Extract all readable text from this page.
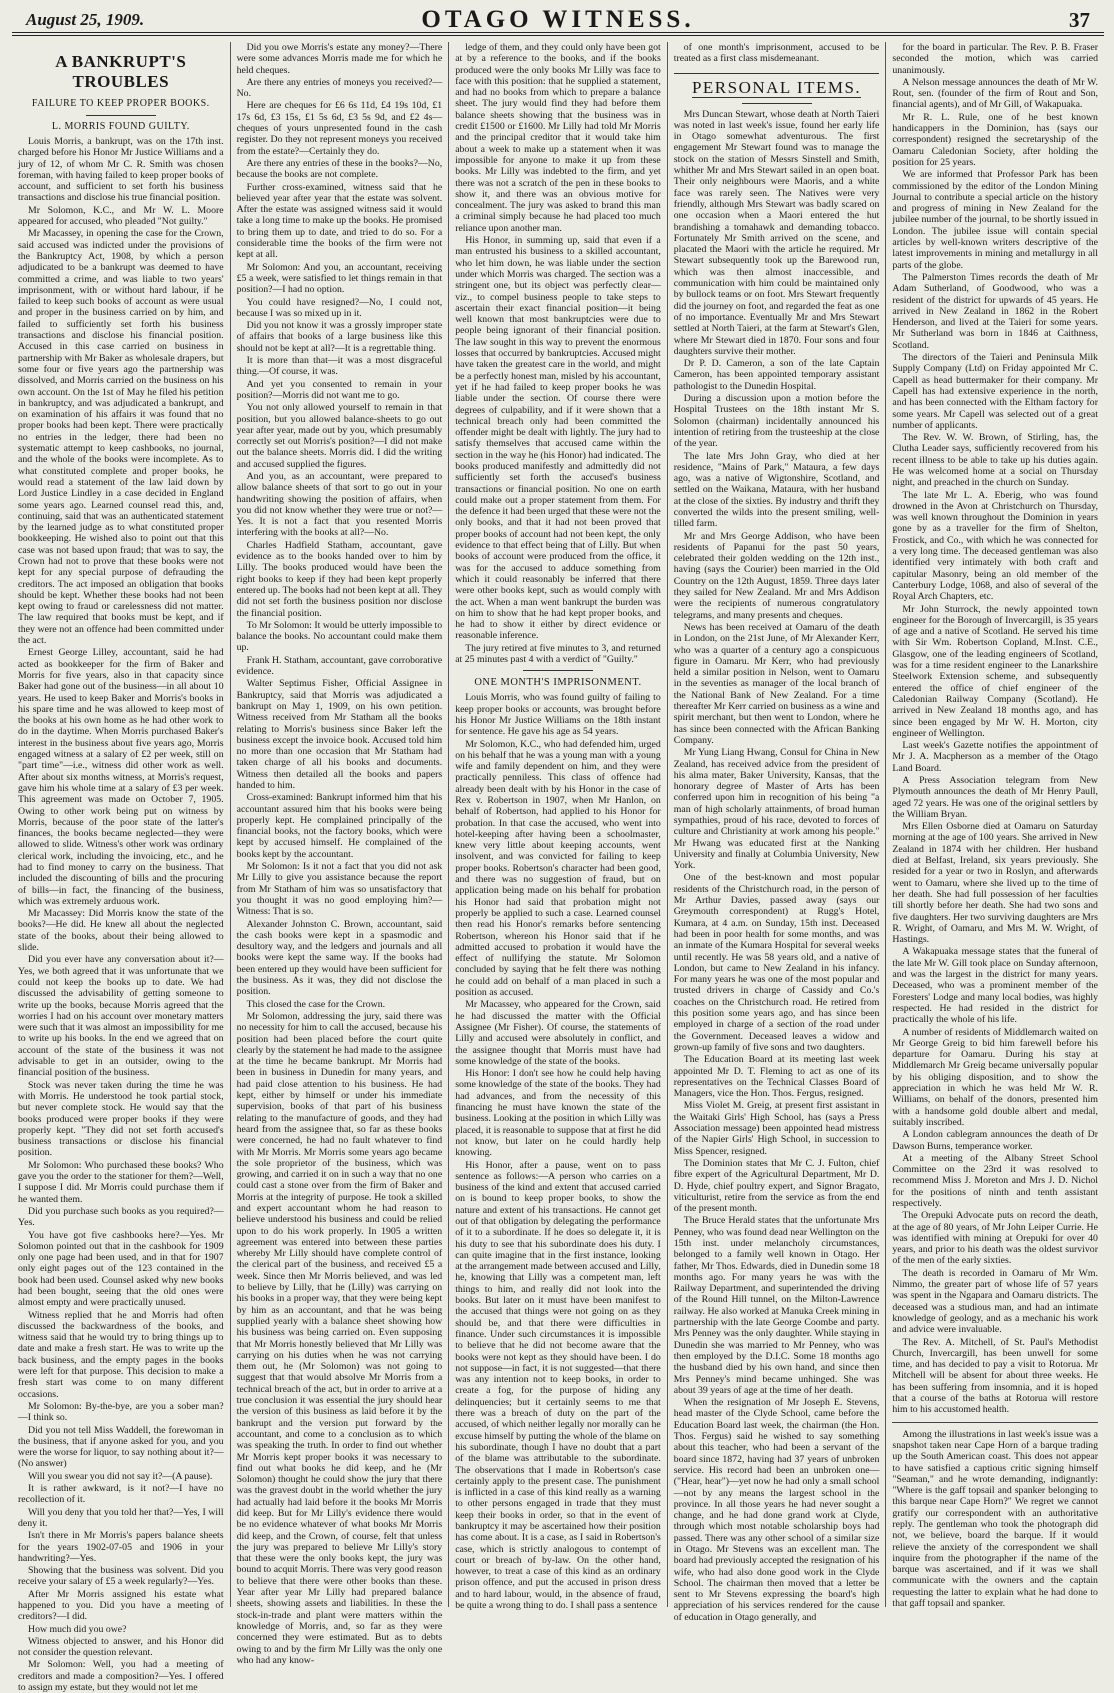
August 25, 1909.	OTAGO WITNESS.	37
A BANKRUPT'S TROUBLES
FAILURE TO KEEP PROPER BOOKS.
L. MORRIS FOUND GUILTY.

Louis Morris, a bankrupt, was on the 17th inst. charged before his Honor Mr Justice Williams and a jury of 12, of whom Mr C. R. Smith was chosen foreman, with having failed to keep proper books of account, and sufficient to set forth his business transactions and disclose his true financial position.

Mr Solomon, K.C., and Mr W. L. Moore appeared for accused, who pleaded "Not guilty."

Mr Macassey, in opening the case for the Crown, said accused was indicted under the provisions of the Bankruptcy Act, 1908, by which a person adjudicated to be a bankrupt was deemed to have committed a crime, and was liable to two years' imprisonment, with or without hard labour, if he failed to keep such books of account as were usual and proper in the business carried on by him, and failed to sufficiently set forth his business transactions and disclose his financial position. Accused in this case carried on business in partnership with Mr Baker as wholesale drapers, but some four or five years ago the partnership was dissolved, and Morris carried on the business on his own account. On the 1st of May he filed his petition in bankruptcy, and was adjudicated a bankrupt, and on examination of his affairs it was found that no proper books had been kept. There were practically no entries in the ledger, there had been no systematic attempt to keep cashbooks, no journal, and the whole of the books were incomplete. As to what constituted complete and proper books, he would read a statement of the law laid down by Lord Justice Lindley in a case decided in England some years ago. Learned counsel read this, and, continuing, said that was an authenticated statement by the learned judge as to what constituted proper bookkeeping. He wished also to point out that this case was not based upon fraud; that was to say, the Crown had not to prove that these books were not kept for any special purpose of defrauding the creditors. The act imposed an obligation that books should be kept. Whether these books had not been kept owing to fraud or carelessness did not matter. The law required that books must be kept, and if they were not an offence had been committed under the act.

Ernest George Lilley, accountant, said he had acted as bookkeeper for the firm of Baker and Morris for five years, also in that capacity since Baker had gone out of the business—in all about 10 years. He used to keep Baker and Morris's books in his spare time and he was allowed to keep most of the books at his own home as he had other work to do in the daytime. When Morris purchased Baker's interest in the business about five years ago, Morris engaged witness at a salary of £2 per week, still on "part time"—i.e., witness did other work as well. After about six months witness, at Morris's request, gave him his whole time at a salary of £3 per week. This agreement was made on October 7, 1905. Owing to other work being put on witness by Morris, because of the poor state of the latter's finances, the books became neglected—they were allowed to slide. Witness's other work was ordinary clerical work, including the invoicing, etc., and he had to find money to carry on the business. That included the discounting of bills and the procuring of bills—in fact, the financing of the business, which was extremely arduous work.

Mr Macassey: Did Morris know the state of the books?—He did. He knew all about the neglected state of the books, about their being allowed to slide.

Did you ever have any conversation about it?—Yes, we both agreed that it was unfortunate that we could not keep the books up to date. We had discussed the advisability of getting someone to write up the books, because Morris agreed that the worries I had on his account over monetary matters were such that it was almost an impossibility for me to write up his books. In the end we agreed that on account of the state of the business it was not advisable to get in an outsider, owing to the financial position of the business.

Stock was never taken during the time he was with Morris. He understood he took partial stock, but never complete stock. He would say that the books produced were proper books if they were properly kept. "They did not set forth accused's business transactions or disclose his financial position.

Mr Solomon: Who purchased these books? Who gave you the order to the stationer for them?—Well, I suppose I did. Mr Morris could purchase them if he wanted them.

Did you purchase such books as you required?—Yes.

You have got five cashbooks here?—Yes. Mr Solomon pointed out that in the cashbook for 1909 only one page had been used, and in that for 1907 only eight pages out of the 123 contained in the book had been used. Counsel asked why new books had been bought, seeing that the old ones were almost empty and were practically unused.

Witness replied that he and Morris had often discussed the backwardness of the books, and witness said that he would try to bring things up to date and make a fresh start. He was to write up the back business, and the empty pages in the books were left for that purpose. This decision to make a fresh start was come to on many different occasions.

Mr Solomon: By-the-bye, are you a sober man?—I think so.

Did you not tell Miss Waddell, the forewoman in the business, that if anyone asked for you, and you were the worse for liquor, to say nothing about it?—(No answer)

Will you swear you did not say it?—(A pause).

It is rather awkward, is it not?—I have no recollection of it.

Will you deny that you told her that?—Yes, I will deny it.

Isn't there in Mr Morris's papers balance sheets for the years 1902-07-05 and 1906 in your handwriting?—Yes.

Showing that the business was solvent. Did you receive your salary of £5 a week regularly?—Yes.

After Mr Morris assigned his estate what happened to you. Did you have a meeting of creditors?—I did.

How much did you owe?

Witness objected to answer, and his Honor did not consider the question relevant.

Mr Solomon: Well, you had a meeting of creditors and made a composition?—Yes. I offered to assign my estate, but they would not let me

Did you owe Morris's estate any money?—There were some advances Morris made me for which he held cheques.

Are there any entries of moneys you received?—No.

Here are cheques for £6 6s 11d, £4 19s 10d, £1 17s 6d, £3 15s, £1 5s 6d, £3 5s 9d, and £2 4s—cheques of yours unpresented found in the cash register. Do they not represent moneys you received from the estate?—Certainly they do.

Are there any entries of these in the books?—No, because the books are not complete.

Further cross-examined, witness said that he believed year after year that the estate was solvent. After the estate was assigned witness said it would take a long time to make up the books. He promised to bring them up to date, and tried to do so. For a considerable time the books of the firm were not kept at all.

Mr Solomon: And you, an accountant, receiving £5 a week, were satisfied to let things remain in that position?—I had no option.

You could have resigned?—No, I could not, because I was so mixed up in it.

Did you not know it was a grossly improper state of affairs that books of a large business like this should not be kept at all?—It is a regrettable thing.

It is more than that—it was a most disgraceful thing.—Of course, it was.

And yet you consented to remain in your position?—Morris did not want me to go.

You not only allowed yourself to remain in that position, but you allowed balance-sheets to go out year after year, made out by you, which presumably correctly set out Morris's position?—I did not make out the balance sheets. Morris did. I did the writing and accused supplied the figures.

And you, as an accountant, were prepared to allow balance sheets of that sort to go out in your handwriting showing the position of affairs, when you did not know whether they were true or not?—Yes. It is not a fact that you resented Morris interfering with the books at all?—No.

Charles Hadfield Statham, accountant, gave evidence as to the books handed over to him by Lilly. The books produced would have been the right books to keep if they had been kept properly entered up. The books had not been kept at all. They did not set forth the business position nor disclose the financial position.

To Mr Solomon: It would be utterly impossible to balance the books. No accountant could make them up.

Frank H. Statham, accountant, gave corroborative evidence.

Walter Septimus Fisher, Official Assignee in Bankruptcy, said that Morris was adjudicated a bankrupt on May 1, 1909, on his own petition. Witness received from Mr Statham all the books relating to Morris's business since Baker left the business except the invoice book. Accused told him no more than one occasion that Mr Statham had taken charge of all his books and documents. Witness then detailed all the books and papers handed to him.

Cross-examined: Bankrupt informed him that his accountant assured him that his books were being properly kept. He complained principally of the financial books, not the factory books, which were kept by accused himself. He complained of the books kept by the accountant.

Mr Solomon: Is it not a fact that you did not ask Mr Lilly to give you assistance because the report from Mr Statham of him was so unsatisfactory that you thought it was no good employing him?—Witness: That is so.

Alexander Johnston C. Brown, accountant, said the cash books were kept in a spasmodic and desultory way, and the ledgers and journals and all books were kept the same way. If the books had been entered up they would have been sufficient for the business. As it was, they did not disclose the position.

This closed the case for the Crown.

Mr Solomon, addressing the jury, said there was no necessity for him to call the accused, because his position had been placed before the court quite clearly by the statement he had made to the assignee at the time he became bankrupt. Mr Morris had been in business in Dunedin for many years, and had paid close attention to his business. He had kept, either by himself or under his immediate supervision, books of that part of his business relating to the manufacture of goods, and they had heard from the assignee that, so far as these books were concerned, he had no fault whatever to find with Mr Morris. Mr Morris some years ago became the sole proprietor of the business, which was growing, and carried it on in such a way that no one could cast a stone over from the firm of Baker and Morris at the integrity of purpose. He took a skilled and expert accountant whom he had reason to believe understood his business and could be relied upon to do his work properly. In 1905 a written agreement was entered into between these parties whereby Mr Lilly should have complete control of the clerical part of the business, and received £5 a week. Since then Mr Morris believed, and was led to believe by Lilly, that he (Lilly) was carrying on his books in a proper way, that they were being kept by him as an accountant, and that he was being supplied yearly with a balance sheet showing how his business was being carried on. Even supposing that Mr Morris honestly believed that Mr Lilly was carrying on his duties when he was not carrying them out, he (Mr Solomon) was not going to suggest that that would absolve Mr Morris from a technical breach of the act, but in order to arrive at a true conclusion it was essential the jury should hear the version of this business as laid before it by the bankrupt and the version put forward by the accountant, and come to a conclusion as to which was speaking the truth. In order to find out whether Mr Morris kept proper books it was necessary to find out what books he did keep, and he (Mr Solomon) thought he could show the jury that there was the gravest doubt in the world whether the jury had actually had laid before it the books Mr Morris did keep. But for Mr Lilly's evidence there would be no evidence whatever of what books Mr Morris did keep, and the Crown, of course, felt that unless the jury was prepared to believe Mr Lilly's story that these were the only books kept, the jury was bound to acquit Morris. There was very good reason to believe that there were other books than these. Year after year Mr Lilly had prepared balance sheets, showing assets and liabilities. In these the stock-in-trade and plant were matters within the knowledge of Morris, and, so far as they were concerned they were estimated. But as to debts owing to and by the firm Mr Lilly was the only one who had any know-

ledge of them, and they could only have been got at by a reference to the books, and if the books produced were the only books Mr Lilly was face to face with this position: that he supplied a statement, and had no books from which to prepare a balance sheet. The jury would find they had before them balance sheets showing that the business was in credit £1500 or £1600. Mr Lilly had told Mr Morris and the principal creditor that it would take him about a week to make up a statement when it was impossible for anyone to make it up from these books. Mr Lilly was indebted to the firm, and yet there was not a scratch of the pen in these books to show it, and there was an obvious motive for concealment. The jury was asked to brand this man a criminal simply because he had placed too much reliance upon another man.

His Honor, in summing up, said that even if a man entrusted his business to a skilled accountant, who let him down, he was liable under the section under which Morris was charged. The section was a stringent one, but its object was perfectly clear—viz., to compel business people to take steps to ascertain their exact financial position—it being well known that most bankruptcies were due to people being ignorant of their financial position. The law sought in this way to prevent the enormous losses that occurred by bankruptcies. Accused might have taken the greatest care in the world, and might be a perfectly honest man, misled by his accountant, yet if he had failed to keep proper books he was liable under the section. Of course there were degrees of culpability, and if it were shown that a technical breach only had been committed the offender might be dealt with lightly. The jury had to satisfy themselves that accused came within the section in the way he (his Honor) had indicated. The books produced manifestly and admittedly did not sufficiently set forth the accused's business transactions or financial position. No one on earth could make out a proper statement from them. For the defence it had been urged that these were not the only books, and that it had not been proved that proper books of account had not been kept, the only evidence to that effect being that of Lilly. But when books of account were produced from the office, it was for the accused to adduce something from which it could reasonably be inferred that there were other books kept, such as would comply with the act. When a man went bankrupt the burden was on him to show that he had kept proper books, and he had to show it either by direct evidence or reasonable inference.

The jury retired at five minutes to 3, and returned at 25 minutes past 4 with a verdict of "Guilty."

ONE MONTH'S IMPRISONMENT.

Louis Morris, who was found guilty of failing to keep proper books or accounts, was brought before his Honor Mr Justice Williams on the 18th instant for sentence. He gave his age as 54 years.

Mr Solomon, K.C., who had defended him, urged on his behalf that he was a young man with a young wife and family dependent on him, and they were practically penniless. This class of offence had already been dealt with by his Honor in the case of Rex v. Robertson in 1907, when Mr Hanlon, on behalf of Robertson, had applied to his Honor for probation. In that case the accused, who went into hotel-keeping after having been a schoolmaster, knew very little about keeping accounts, went insolvent, and was convicted for failing to keep proper books. Robertson's character had been good, and there was no suggestion of fraud, but on application being made on his behalf for probation his Honor had said that probation might not properly be applied to such a case. Learned counsel then read his Honor's remarks before sentencing Robertson, whereon his Honor said that if he admitted accused to probation it would have the effect of nullifying the statute. Mr Solomon concluded by saying that he felt there was nothing he could add on behalf of a man placed in such a position as accused.

Mr Macassey, who appeared for the Crown, said he had discussed the matter with the Official Assignee (Mr Fisher). Of course, the statements of Lilly and accused were absolutely in conflict, and the assignee thought that Morris must have had some knowledge of the state of the books.

His Honor: I don't see how he could help having some knowledge of the state of the books. They had had advances, and from the necessity of this financing he must have known the state of the business. Looking at the position in which Lilly was placed, it is reasonable to suppose that at first he did not know, but later on he could hardly help knowing.

His Honor, after a pause, went on to pass sentence as follows:—A person who carries on a business of the kind and extent that accused carried on is bound to keep proper books, to show the nature and extent of his transactions. He cannot get out of that obligation by delegating the performance of it to a subordinate. If he does so delegate it, it is his duty to see that his subordinate does his duty. I can quite imagine that in the first instance, looking at the arrangement made between accused and Lilly, he, knowing that Lilly was a competent man, left things to him, and really did not look into the books. But later on it must have been manifest to the accused that things were not going on as they should be, and that there were difficulties in finance. Under such circumstances it is impossible to believe that he did not become aware that the books were not kept as they should have been. I do not suppose—in fact, it is not suggested—that there was any intention not to keep books, in order to create a fog, for the purpose of hiding any delinquencies; but it certainly seems to me that there was a breach of duty on the part of the accused, of which neither legally nor morally can he excuse himself by putting the whole of the blame on his subordinate, though I have no doubt that a part of the blame was attributable to the subordinate. The observations that I made in Robertson's case certainly apply to the present case. The punishment is inflicted in a case of this kind really as a warning to other persons engaged in trade that they must keep their books in order, so that in the event of bankruptcy it may be ascertained how their position has come about. It is a case, as I said in Robertson's case, which is strictly analogous to contempt of court or breach of by-law. On the other hand, however, to treat a case of this kind as an ordinary prison offence, and put the accused in prison dress and to hard labour, would, in the absence of fraud, be quite a wrong thing to do. I shall pass a sentence

of one month's imprisonment, accused to be treated as a first class misdemeanant.

PERSONAL ITEMS.

Mrs Duncan Stewart, whose death at North Taieri was noted in last week's issue, found her early life in Otago somewhat adventurous. The first engagement Mr Stewart found was to manage the stock on the station of Messrs Sinstell and Smith, whither Mr and Mrs Stewart sailed in an open boat. Their only neighbours were Maoris, and a white face was rarely seen. The Natives were very friendly, although Mrs Stewart was badly scared on one occasion when a Maori entered the hut brandishing a tomahawk and demanding tobacco. Fortunately Mr Smith arrived on the scene, and placated the Maori with the article he required. Mr Stewart subsequently took up the Barewood run, which was then almost inaccessible, and communication with him could be maintained only by bullock teams or on foot. Mrs Stewart frequently did the journey on foot, and regarded the feat as one of no importance. Eventually Mr and Mrs Stewart settled at North Taieri, at the farm at Stewart's Glen, where Mr Stewart died in 1870. Four sons and four daughters survive their mother.

Dr P. D. Cameron, a son of the late Captain Cameron, has been appointed temporary assistant pathologist to the Dunedin Hospital.

During a discussion upon a motion before the Hospital Trustees on the 18th instant Mr S. Solomon (chairman) incidentally announced his intention of retiring from the trusteeship at the close of the year.

The late Mrs John Gray, who died at her residence, "Mains of Park," Mataura, a few days ago, was a native of Wigtonshire, Scotland, and settled on the Waikana, Mataura, with her husband at the close of the sixties. By industry and thrift they converted the wilds into the present smiling, well-tilled farm.

Mr and Mrs George Addison, who have been residents of Papanui for the past 50 years, celebrated their golden wedding on the 12th inst., having (says the Courier) been married in the Old Country on the 12th August, 1859. Three days later they sailed for New Zealand. Mr and Mrs Addison were the recipients of numerous congratulatory telegrams, and many presents and cheques.

News has been received at Oamaru of the death in London, on the 21st June, of Mr Alexander Kerr, who was a quarter of a century ago a conspicuous figure in Oamaru. Mr Kerr, who had previously held a similar position in Nelson, went to Oamaru in the seventies as manager of the local branch of the National Bank of New Zealand. For a time thereafter Mr Kerr carried on business as a wine and spirit merchant, but then went to London, where he has since been connected with the African Banking Company.

Mr Yung Liang Hwang, Consul for China in New Zealand, has received advice from the president of his alma mater, Baker University, Kansas, that the honorary degree of Master of Arts has been conferred upon him in recognition of his being "a man of high scholarly attainments, of broad human sympathies, proud of his race, devoted to forces of culture and Christianity at work among his people." Mr Hwang was educated first at the Nanking University and finally at Columbia University, New York.

One of the best-known and most popular residents of the Christchurch road, in the person of Mr Arthur Davies, passed away (says our Greymouth correspondent) at Rugg's Hotel, Kumara, at 4 a.m. on Sunday, 15th inst. Deceased had been in poor health for some months, and was an inmate of the Kumara Hospital for several weeks until recently. He was 58 years old, and a native of London, but came to New Zealand in his infancy. For many years he was one of the most popular and trusted drivers in charge of Cassidy and Co.'s coaches on the Christchurch road. He retired from this position some years ago, and has since been employed in charge of a section of the road under the Government. Deceased leaves a widow and grown-up family of five sons and two daughters.

The Education Board at its meeting last week appointed Mr D. T. Fleming to act as one of its representatives on the Technical Classes Board of Managers, vice the Hon. Thos. Fergus, resigned.

Miss Violet M. Greig, at present first assistant in the Waitaki Girls' High School, has (says a Press Association message) been appointed head mistress of the Napier Girls' High School, in succession to Miss Spencer, resigned.

The Dominion states that Mr C. J. Fulton, chief fibre expert of the Agricultural Department, Mr D. D. Hyde, chief poultry expert, and Signor Bragato, viticulturist, retire from the service as from the end of the present month.

The Bruce Herald states that the unfortunate Mrs Penney, who was found dead near Wellington on the 15th inst. under melancholy circumstances, belonged to a family well known in Otago. Her father, Mr Thos. Edwards, died in Dunedin some 18 months ago. For many years he was with the Railway Department, and superintended the driving of the Round Hill tunnel, on the Milton-Lawrence railway. He also worked at Manuka Creek mining in partnership with the late George Coombe and party. Mrs Penney was the only daughter. While staying in Dunedin she was married to Mr Penney, who was then employed by the D.I.C. Some 18 months ago the husband died by his own hand, and since then Mrs Penney's mind became unhinged. She was about 39 years of age at the time of her death.

When the resignation of Mr Joseph E. Stevens, head master of the Clyde School, came before the Education Board last week, the chairman (the Hon. Thos. Fergus) said he wished to say something about this teacher, who had been a servant of the board since 1872, having had 37 years of unbroken service. His record had been an unbroken one—("Hear, hear")—yet now he had only a small school—not by any means the largest school in the province. In all those years he had never sought a change, and he had done grand work at Clyde, through which most notable scholarship boys had passed. There was any other school of a similar size in Otago. Mr Stevens was an excellent man. The board had previously accepted the resignation of his wife, who had also done good work in the Clyde School. The chairman then moved that a letter be sent to Mr Stevens expressing the board's high appreciation of his services rendered for the cause of education in Otago generally, and

for the board in particular. The Rev. P. B. Fraser seconded the motion, which was carried unanimously.

A Nelson message announces the death of Mr W. Rout, sen. (founder of the firm of Rout and Son, financial agents), and of Mr Gill, of Wakapuaka.

Mr R. L. Rule, one of he best known handicappers in the Dominion, has (says our correspondent) resigned the secretaryship of the Oamaru Caledonian Society, after holding the position for 25 years.

We are informed that Professor Park has been commissioned by the editor of the London Mining Journal to contribute a special article on the history and progress of mining in New Zealand for the jubilee number of the journal, to be shortly issued in London. The jubilee issue will contain special articles by well-known writers descriptive of the latest improvements in mining and metallurgy in all parts of the globe.

The Palmerston Times records the death of Mr Adam Sutherland, of Goodwood, who was a resident of the district for upwards of 45 years. He arrived in New Zealand in 1862 in the Robert Henderson, and lived at the Taieri for some years. Mr Sutherland was born in 1846 at Caithness, Scotland.

The directors of the Taieri and Peninsula Milk Supply Company (Ltd) on Friday appointed Mr C. Capell as head buttermaker for their company. Mr Capell has had extensive experience in the north, and has been connected with the Eltham factory for some years. Mr Capell was selected out of a great number of applicants.

The Rev. W. W. Brown, of Stirling, has, the Clutha Leader says, sufficiently recovered from his recent illness to be able to take up his duties again. He was welcomed home at a social on Thursday night, and preached in the church on Sunday.

The late Mr L. A. Eberig, who was found drowned in the Avon at Christchurch on Thursday, was well known throughout the Dominion in years gone by as a traveller for the firm of Shelton, Frostick, and Co., with which he was connected for a very long time. The deceased gentleman was also identified very intimately with both craft and capitular Masonry, being an old member of the Canterbury Lodge, 1068, and also of several of the Royal Arch Chapters, etc.

Mr John Sturrock, the newly appointed town engineer for the Borough of Invercargill, is 35 years of age and a native of Scotland. He served his time with Sir Wm. Robertson Copland, M.Inst. C.E., Glasgow, one of the leading engineers of Scotland, was for a time resident engineer to the Lanarkshire Steelwork Extension scheme, and subsequently entered the office of chief engineer of the Caledonian Railway Company (Scotland). He arrived in New Zealand 18 months ago, and has since been engaged by Mr W. H. Morton, city engineer of Wellington.

Last week's Gazette notifies the appointment of Mr J. A. Macpherson as a member of the Otago Land Board.

A Press Association telegram from New Plymouth announces the death of Mr Henry Paull, aged 72 years. He was one of the original settlers by the William Bryan.

Mrs Ellen Osborne died at Oamaru on Saturday morning at the age of 100 years. She arrived in New Zealand in 1874 with her children. Her husband died at Belfast, Ireland, six years previously. She resided for a year or two in Roslyn, and afterwards went to Oamaru, where she lived up to the time of her death. She had full possession of her faculties till shortly before her death. She had two sons and five daughters. Her two surviving daughters are Mrs R. Wright, of Oamaru, and Mrs M. W. Wright, of Hastings.

A Wakapuaka message states that the funeral of the late Mr W. Gill took place on Sunday afternoon, and was the largest in the district for many years. Deceased, who was a prominent member of the Foresters' Lodge and many local bodies, was highly respected. He had resided in the district for practically the whole of his life.

A number of residents of Middlemarch waited on Mr George Greig to bid him farewell before his departure for Oamaru. During his stay at Middlemarch Mr Greig became universally popular by his obliging disposition, and to show the appreciation in which he was held Mr W. R. Williams, on behalf of the donors, presented him with a handsome gold double albert and medal, suitably inscribed.

A London cablegram announces the death of Dr Dawson Burns, temperance worker.

At a meeting of the Albany Street School Committee on the 23rd it was resolved to recommend Miss J. Moreton and Mrs J. D. Nichol for the positions of ninth and tenth assistant respectively.

The Orepuki Advocate puts on record the death, at the age of 80 years, of Mr John Leiper Currie. He was identified with mining at Orepuki for over 40 years, and prior to his death was the oldest survivor of the men of the early sixties.

The death is recorded in Oamaru of Mr Wm. Nimmo, the greater part of whose life of 57 years was spent in the Ngapara and Oamaru districts. The deceased was a studious man, and had an intimate knowledge of geology, and as a mechanic his work and advice were invaluable.

The Rev. A. Mitchell, of St. Paul's Methodist Church, Invercargill, has been unwell for some time, and has decided to pay a visit to Rotorua. Mr Mitchell will be absent for about three weeks. He has been suffering from insomnia, and it is hoped that a course of the baths at Rotorua will restore him to his accustomed health.

Among the illustrations in last week's issue was a snapshot taken near Cape Horn of a barque trading up the South American coast. This does not appear to have satisfied a captious critic signing himself "Seaman," and he wrote demanding, indignantly: "Where is the gaff topsail and spanker belonging to this barque near Cape Horn?" We regret we cannot gratify our correspondent with an authoritative reply. The gentleman who took the photograph did not, we believe, board the barque. If it would relieve the anxiety of the correspondent we shall inquire from the photographer if the name of the barque was ascertained, and if it was we shall communicate with the owners and the captain requesting the latter to explain what he had done to that gaff topsail and spanker.
